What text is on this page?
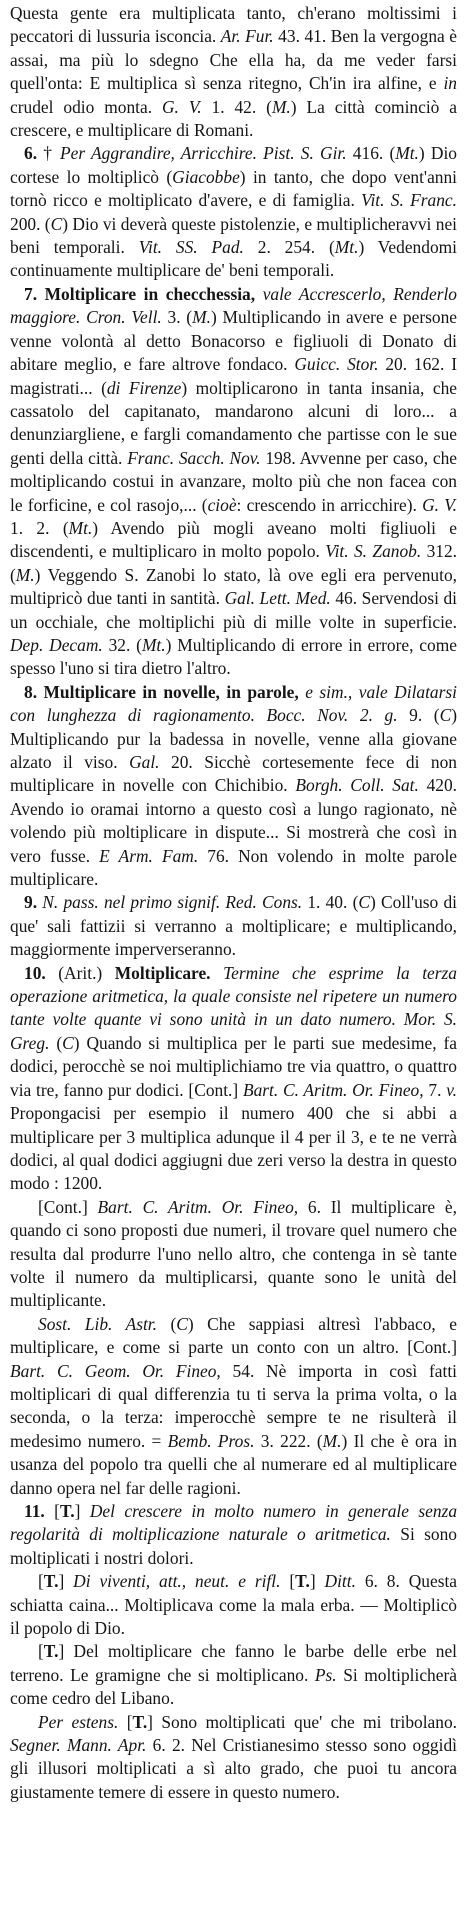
Questa gente era multiplicata tanto, ch'erano moltissimi i peccatori di lussuria isconcia. Ar. Fur. 43. 41. Ben la vergogna è assai, ma più lo sdegno Che ella ha, da me veder farsi quell'onta: E multiplica sì senza ritegno, Ch'in ira alfine, e in crudel odio monta. G. V. 1. 42. (M.) La città cominciò a crescere, e multiplicare di Romani.

6. † Per Aggrandire, Arricchire. Pist. S. Gir. 416. (Mt.) Dio cortese lo moltiplicò (Giacobbe) in tanto, che dopo vent'anni tornò ricco e moltiplicato d'avere, e di famiglia. Vit. S. Franc. 200. (C) Dio vi deverà queste pistolenzie, e multiplicheravvi nei beni temporali. Vit. SS. Pad. 2. 254. (Mt.) Vedendomi continuamente multiplicare de' beni temporali.

7. Moltiplicare in checchessia, vale Accrescerlo, Renderlo maggiore. Cron. Vell. 3. (M.) Multiplicando in avere e persone venne volontà al detto Bonacorso e figliuoli di Donato di abitare meglio, e fare altrove fondaco. Guicc. Stor. 20. 162. I magistrati... (di Firenze) moltiplicarono in tanta insania, che cassatolo del capitanato, mandarono alcuni di loro... a denunziargliene, e fargli comandamento che partisse con le sue genti della città. Franc. Sacch. Nov. 198. Avvenne per caso, che moltiplicando costui in avanzare, molto più che non facea con le forficine, e col rasojo,... (cioè: crescendo in arricchire). G. V. 1. 2. (Mt.) Avendo più mogli aveano molti figliuoli e discendenti, e multiplicaro in molto popolo. Vit. S. Zanob. 312. (M.) Veggendo S. Zanobi lo stato, là ove egli era pervenuto, multipricò due tanti in santità. Gal. Lett. Med. 46. Servendosi di un occhiale, che moltiplichi più di mille volte in superficie. Dep. Decam. 32. (Mt.) Multiplicando di errore in errore, come spesso l'uno si tira dietro l'altro.

8. Multiplicare in novelle, in parole, e sim., vale Dilatarsi con lunghezza di ragionamento. Bocc. Nov. 2. g. 9. (C) Multiplicando pur la badessa in novelle, venne alla giovane alzato il viso. Gal. 20. Sicchè cortesemente fece di non multiplicare in novelle con Chichibio. Borgh. Coll. Sat. 420. Avendo io oramai intorno a questo così a lungo ragionato, nè volendo più moltiplicare in dispute... Si mostrerà che così in vero fusse. E Arm. Fam. 76. Non volendo in molte parole multiplicare.

9. N. pass. nel primo signif. Red. Cons. 1. 40. (C) Coll'uso di que' sali fattizii si verranno a moltiplicare; e multiplicando, maggiormente imperverseranno.

10. (Arit.) Moltiplicare. Termine che esprime la terza operazione aritmetica, la quale consiste nel ripetere un numero tante volte quante vi sono unità in un dato numero. Mor. S. Greg. (C) Quando si multiplica per le parti sue medesime, fa dodici, perocchè se noi multiplichiamo tre via quattro, o quattro via tre, fanno pur dodici. [Cont.] Bart. C. Aritm. Or. Fineo, 7. v. Propongacisi per esempio il numero 400 che si abbi a multiplicare per 3 multiplica adunque il 4 per il 3, e te ne verrà dodici, al qual dodici aggiugni due zeri verso la destra in questo modo : 1200.

[Cont.] Bart. C. Aritm. Or. Fineo, 6. Il multiplicare è, quando ci sono proposti due numeri, il trovare quel numero che resulta dal produrre l'uno nello altro, che contenga in sè tante volte il numero da multiplicarsi, quante sono le unità del multiplicante.

Sost. Lib. Astr. (C) Che sappiasi altresì l'abbaco, e multiplicare, e come si parte un conto con un altro. [Cont.] Bart. C. Geom. Or. Fineo, 54. Nè importa in così fatti moltiplicari di qual differenzia tu ti serva la prima volta, o la seconda, o la terza: imperocchè sempre te ne risulterà il medesimo numero. = Bemb. Pros. 3. 222. (M.) Il che è ora in usanza del popolo tra quelli che al numerare ed al multiplicare danno opera nel far delle ragioni.

11. [T.] Del crescere in molto numero in generale senza regolarità di moltiplicazione naturale o aritmetica. Si sono moltiplicati i nostri dolori.

[T.] Di viventi, att., neut. e rifl. [T.] Ditt. 6. 8. Questa schiatta caina... Moltiplicava come la mala erba. — Moltiplicò il popolo di Dio.

[T.] Del moltiplicare che fanno le barbe delle erbe nel terreno. Le gramigne che si moltiplicano. Ps. Si moltiplicherà come cedro del Libano.

Per estens. [T.] Sono moltiplicati que' che mi tribolano. Segner. Mann. Apr. 6. 2. Nel Cristianesimo stesso sono oggidì gli illusori moltiplicati a sì alto grado, che puoi tu ancora giustamente temere di essere in questo numero.
